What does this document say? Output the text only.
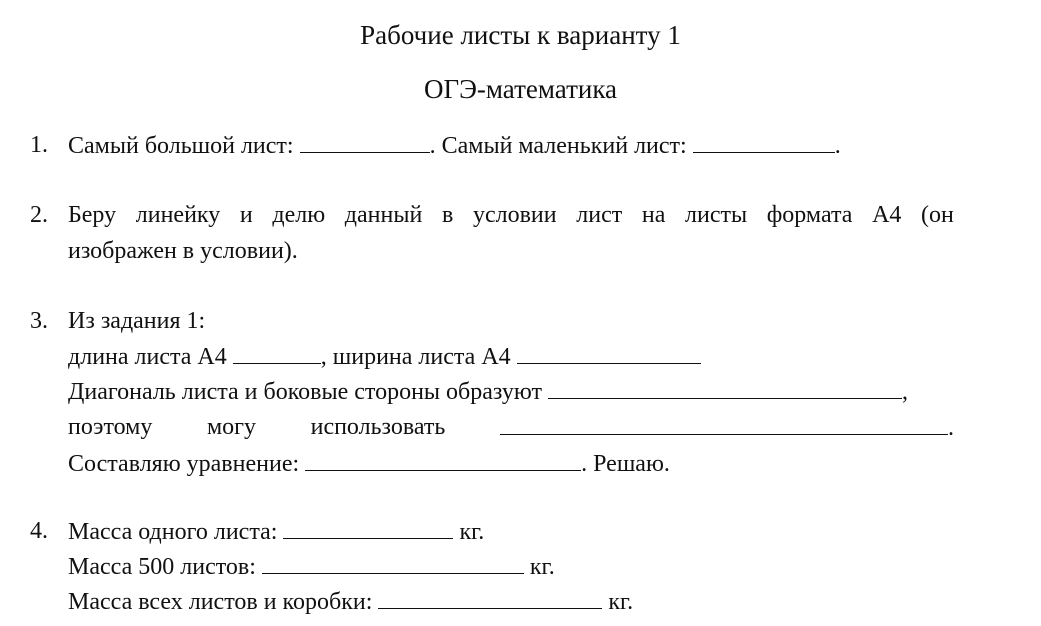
Рабочие листы к варианту 1
ОГЭ-математика
1. Самый большой лист:	. Самый маленький лист:	.
2. Беру линейку и делю данный в условии лист на листы формата А4 (он
изображен в условии).
3. Из задания 1:
длина листа А4	, ширина листа А4
Диагональ листа и боковые стороны образуют	,
поэтому могу использовать	.
Составляю уравнение:	. Решаю.
4. Масса одного листа:	кг.
Масса 500 листов:	кг.
Масса всех листов и коробки:	кг.
